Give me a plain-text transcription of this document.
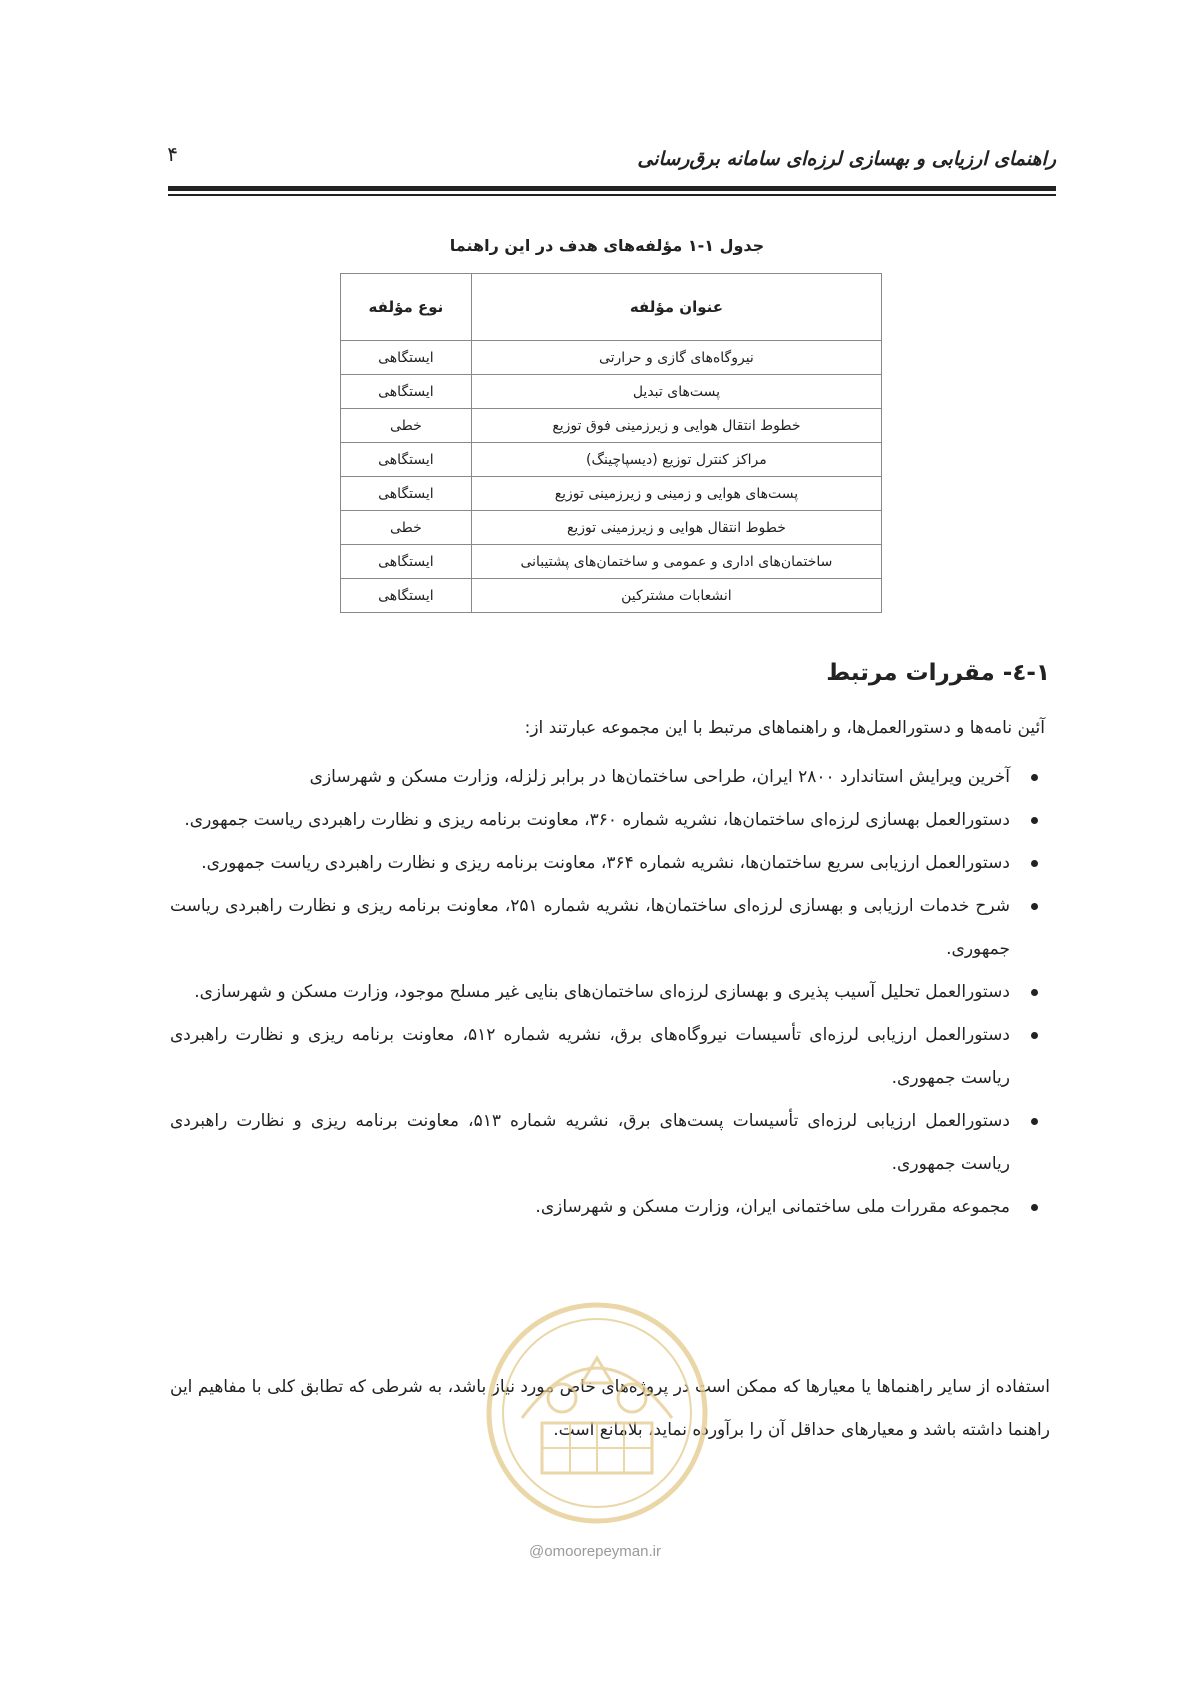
راهنمای ارزیابی و بهسازی لرزه‌ای سامانه برق‌رسانی
۴
جدول ۱-۱ مؤلفه‌های هدف در این راهنما
عنوان مؤلفه	نوع مؤلفه
نیروگاه‌های گازی و حرارتی	ایستگاهی
پست‌های تبدیل	ایستگاهی
خطوط انتقال هوایی و زیرزمینی فوق توزیع	خطی
مراکز کنترل توزیع (دیسپاچینگ)	ایستگاهی
پست‌های هوایی و زمینی و زیرزمینی توزیع	ایستگاهی
خطوط انتقال هوایی و زیرزمینی توزیع	خطی
ساختمان‌های اداری و عمومی و ساختمان‌های پشتیبانی	ایستگاهی
انشعابات مشترکین	ایستگاهی
۱-٤- مقررات مرتبط
آئین نامه‌ها و دستورالعمل‌ها، و راهنماهای مرتبط با این مجموعه عبارتند از:
آخرین ویرایش استاندارد ۲۸۰۰ ایران، طراحی ساختمان‌ها در برابر زلزله، وزارت مسکن و شهرسازی
دستورالعمل بهسازی لرزه‌ای ساختمان‌ها، نشریه شماره ۳۶۰، معاونت برنامه ریزی و نظارت راهبردی ریاست جمهوری.
دستورالعمل ارزیابی سریع ساختمان‌ها، نشریه شماره ۳۶۴، معاونت برنامه ریزی و نظارت راهبردی ریاست جمهوری.
شرح خدمات ارزیابی و بهسازی لرزه‌ای ساختمان‌ها، نشریه شماره ۲۵۱، معاونت برنامه ریزی و نظارت راهبردی ریاست جمهوری.
دستورالعمل تحلیل آسیب پذیری و بهسازی لرزه‌ای ساختمان‌های بنایی غیر مسلح موجود، وزارت مسکن و شهرسازی.
دستورالعمل ارزیابی لرزه‌ای تأسیسات نیروگاه‌های برق، نشریه شماره ۵۱۲، معاونت برنامه ریزی و نظارت راهبردی ریاست جمهوری.
دستورالعمل ارزیابی لرزه‌ای تأسیسات پست‌های برق، نشریه شماره ۵۱۳، معاونت برنامه ریزی و نظارت راهبردی ریاست جمهوری.
مجموعه مقررات ملی ساختمانی ایران، وزارت مسکن و شهرسازی.
استفاده از سایر راهنماها یا معیارها که ممکن است در پروژه‌های خاص مورد نیاز باشد، به شرطی که تطابق کلی با مفاهیم این راهنما داشته باشد و معیارهای حداقل آن را برآورده نماید، بلامانع است.
@omoorepeyman.ir
